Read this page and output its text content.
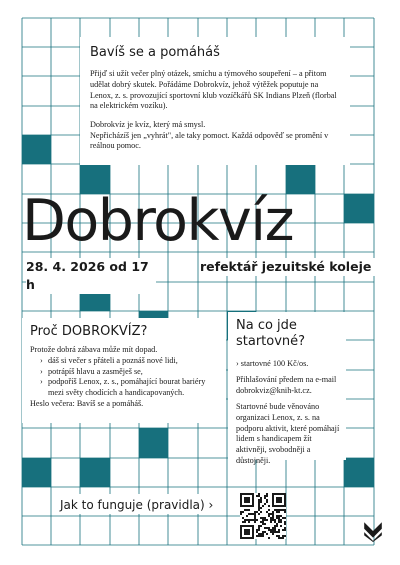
Bavíš se a pomáháš
Přijď si užít večer plný otázek, smíchu a týmového soupeření – a přitom udělat dobrý skutek. Pořádáme Dobrokvíz, jehož výtěžek poputuje na Lenox, z. s. provozující sportovní klub vozíčkářů SK Indians Plzeň (florbal na elektrickém vozíku).
Dobrokvíz je kvíz, který má smysl.
Nepřicházíš jen „vyhrát", ale taky pomoct. Každá odpověď se promění v reálnou pomoc.
Dobrokvíz
28. 4. 2026 od 17 h
refektář jezuitské koleje
Proč DOBROKVÍZ?
Protože dobrá zábava může mít dopad.
› dáš si večer s přáteli a poznáš nové lidi,
› potrápíš hlavu a zasměješ se,
› podpoříš Lenox, z. s., pomáhající bourat bariéry mezi světy chodících a handicapovaných.
Heslo večera: Bavíš se a pomáháš.
Na co jde startovné?
› startovné 100 Kč/os.
Přihlašování předem na e-mail dobrokviz@knih-kt.cz.
Startovné bude věnováno organizaci Lenox, z. s. na podporu aktivit, které pomáhají lidem s handicapem žít aktivněji, svobodněji a důstojněji.
Jak to funguje (pravidla) ›
